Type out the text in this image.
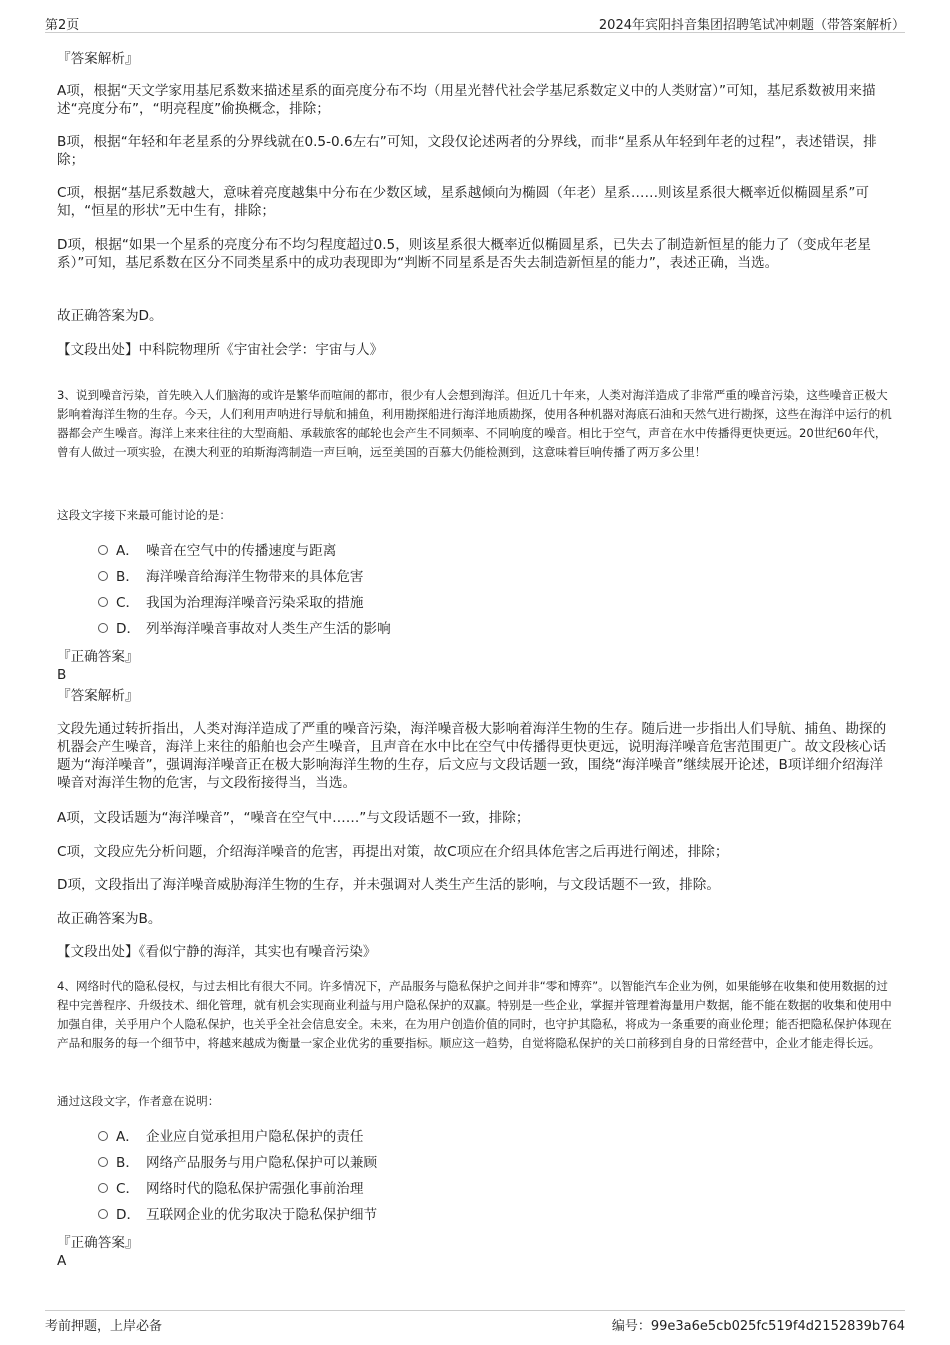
第2页	2024年宾阳抖音集团招聘笔试冲刺题（带答案解析）
『答案解析』
A项，根据“天文学家用基尼系数来描述星系的面亮度分布不均（用星光替代社会学基尼系数定义中的人类财富）”可知，基尼系数被用来描述“亮度分布”，“明亮程度”偷换概念，排除；
B项，根据“年轻和年老星系的分界线就在0.5-0.6左右”可知，文段仅论述两者的分界线，而非“星系从年轻到年老的过程”，表述错误，排除；
C项，根据“基尼系数越大，意味着亮度越集中分布在少数区域，星系越倾向为椭圆（年老）星系……则该星系很大概率近似椭圆星系”可知，“恒星的形状”无中生有，排除；
D项，根据“如果一个星系的亮度分布不均匀程度超过0.5，则该星系很大概率近似椭圆星系，已失去了制造新恒星的能力了（变成年老星系）”可知，基尼系数在区分不同类星系中的成功表现即为“判断不同星系是否失去制造新恒星的能力”，表述正确，当选。
故正确答案为D。
【文段出处】中科院物理所《宇宙社会学：宇宙与人》
3、说到噪音污染，首先映入人们脑海的或许是繁华而喧闹的都市，很少有人会想到海洋。但近几十年来，人类对海洋造成了非常严重的噪音污染，这些噪音正极大影响着海洋生物的生存。今天，人们利用声呐进行导航和捕鱼，利用勘探船进行海洋地质勘探，使用各种机器对海底石油和天然气进行勘探，这些在海洋中运行的机器都会产生噪音。海洋上来来往往的大型商船、承载旅客的邮轮也会产生不同频率、不同响度的噪音。相比于空气，声音在水中传播得更快更远。20世纪60年代，曾有人做过一项实验，在澳大利亚的珀斯海湾制造一声巨响，远至美国的百慕大仍能检测到，这意味着巨响传播了两万多公里！
这段文字接下来最可能讨论的是：
A． 噪音在空气中的传播速度与距离
B． 海洋噪音给海洋生物带来的具体危害
C． 我国为治理海洋噪音污染采取的措施
D． 列举海洋噪音事故对人类生产生活的影响
『正确答案』
B
『答案解析』
文段先通过转折指出，人类对海洋造成了严重的噪音污染，海洋噪音极大影响着海洋生物的生存。随后进一步指出人们导航、捕鱼、勘探的机器会产生噪音，海洋上来往的船舶也会产生噪音，且声音在水中比在空气中传播得更快更远，说明海洋噪音危害范围更广。故文段核心话题为“海洋噪音”，强调海洋噪音正在极大影响海洋生物的生存，后文应与文段话题一致，围绕“海洋噪音”继续展开论述，B项详细介绍海洋噪音对海洋生物的危害，与文段衔接得当，当选。
A项，文段话题为“海洋噪音”，“噪音在空气中……”与文段话题不一致，排除；
C项，文段应先分析问题，介绍海洋噪音的危害，再提出对策，故C项应在介绍具体危害之后再进行阐述，排除；
D项，文段指出了海洋噪音威胁海洋生物的生存，并未强调对人类生产生活的影响，与文段话题不一致，排除。
故正确答案为B。
【文段出处】《看似宁静的海洋，其实也有噪音污染》
4、网络时代的隐私侵权，与过去相比有很大不同。许多情况下，产品服务与隐私保护之间并非“零和博弈”。以智能汽车企业为例，如果能够在收集和使用数据的过程中完善程序、升级技术、细化管理，就有机会实现商业利益与用户隐私保护的双赢。特别是一些企业，掌握并管理着海量用户数据，能不能在数据的收集和使用中加强自律，关乎用户个人隐私保护，也关乎全社会信息安全。未来，在为用户创造价值的同时，也守护其隐私，将成为一条重要的商业伦理；能否把隐私保护体现在产品和服务的每一个细节中，将越来越成为衡量一家企业优劣的重要指标。顺应这一趋势，自觉将隐私保护的关口前移到自身的日常经营中，企业才能走得长远。
通过这段文字，作者意在说明：
A． 企业应自觉承担用户隐私保护的责任
B． 网络产品服务与用户隐私保护可以兼顾
C． 网络时代的隐私保护需强化事前治理
D． 互联网企业的优劣取决于隐私保护细节
『正确答案』
A
考前押题，上岸必备	编号：99e3a6e5cb025fc519f4d2152839b764
